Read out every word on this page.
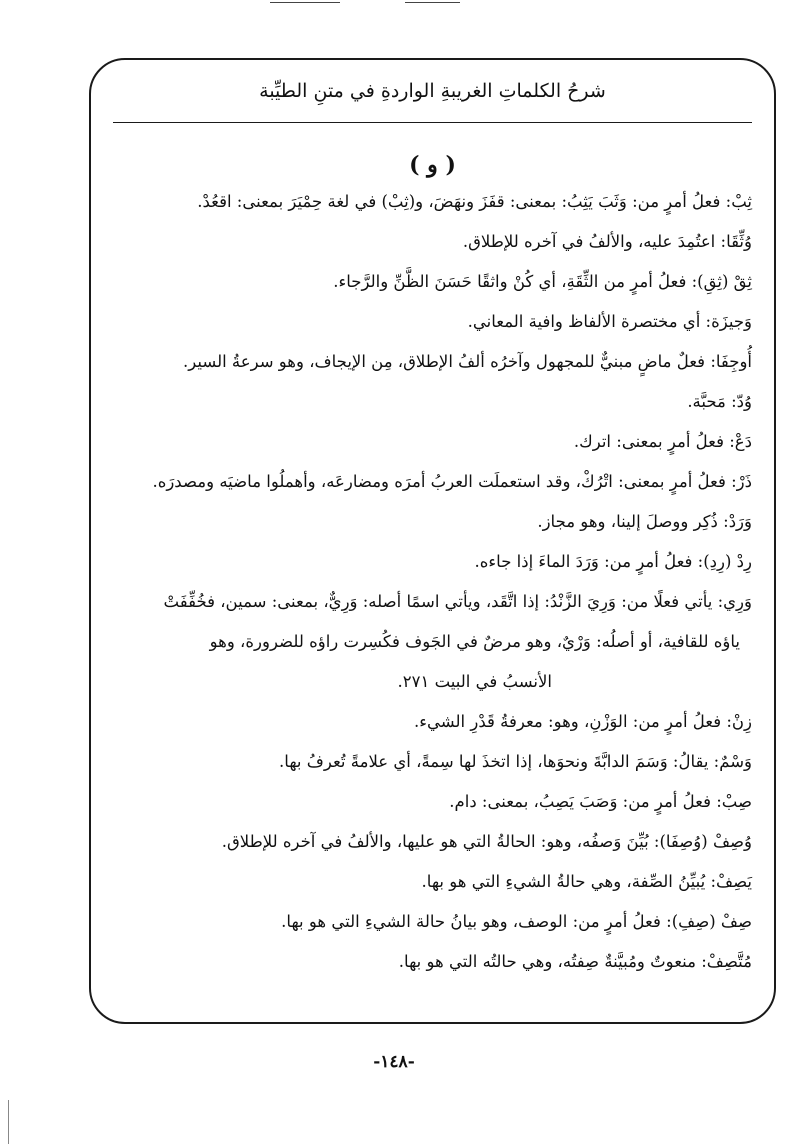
شرحُ الكلماتِ الغريبةِ الواردةِ في متنِ الطيِّبة
( و )
ثِبْ: فعلُ أمرٍ من: وَثَبَ يَثِبُ: بمعنى: قفَزَ ونهَضَ، و(ثِبْ) في لغة حِمْيَرَ بمعنى: اقعُدْ.
وُثِّقَا: اعتُمِدَ عليه، والألفُ في آخره للإطلاق.
ثِقْ (ثِقِ): فعلُ أمرٍ من الثِّقَةِ، أي كُنْ واثقًا حَسَنَ الظَّنِّ والرَّجاء.
وَجيزَة: أي مختصرة الألفاظ وافية المعاني.
أُوجِفَا: فعلٌ ماضٍ مبنيٌّ للمجهول وآخرُه ألفُ الإطلاق، مِن الإيجاف، وهو سرعةُ السير.
وُدّ: مَحبَّة.
دَعْ: فعلُ أمرٍ بمعنى: اترك.
ذَرْ: فعلُ أمرٍ بمعنى: اتْرُكْ، وقد استعملَت العربُ أمرَه ومضارعَه، وأهملُوا ماضيَه ومصدرَه.
وَرَدْ: ذُكِر ووصلَ إلينا، وهو مجاز.
رِدْ (رِدِ): فعلُ أمرٍ من: وَرَدَ الماءَ إذا جاءه.
وَرِي: يأتي فعلًا من: وَرِيَ الزَّنْدُ: إذا اتَّقَد، ويأتي اسمًا أصله: وَرِيٌّ، بمعنى: سمين، فخُفِّفَتْ
ياؤه للقافية، أو أصلُه: وَرْيٌ، وهو مرضٌ في الجَوف فكُسِرت راؤه للضرورة، وهو
الأنسبُ في البيت ٢٧١.
زِنْ: فعلُ أمرٍ من: الوَزْنِ، وهو: معرفةُ قَدْرِ الشيء.
وَسْمٌ: يقالُ: وَسَمَ الدابَّةَ ونحوَها، إذا اتخذَ لها سِمةً، أي علامةً تُعرفُ بها.
صِبْ: فعلُ أمرٍ من: وَصَبَ يَصِبُ، بمعنى: دام.
وُصِفْ (وُصِفَا): بُيِّنَ وَصفُه، وهو: الحالةُ التي هو عليها، والألفُ في آخره للإطلاق.
يَصِفْ: يُبيِّنُ الصِّفة، وهي حالةُ الشيءِ التي هو بها.
صِفْ (صِفِ): فعلُ أمرٍ من: الوصف، وهو بيانُ حالة الشيءِ التي هو بها.
مُتَّصِفْ: منعوتٌ ومُبيَّنةٌ صِفتُه، وهي حالتُه التي هو بها.
-١٤٨-
